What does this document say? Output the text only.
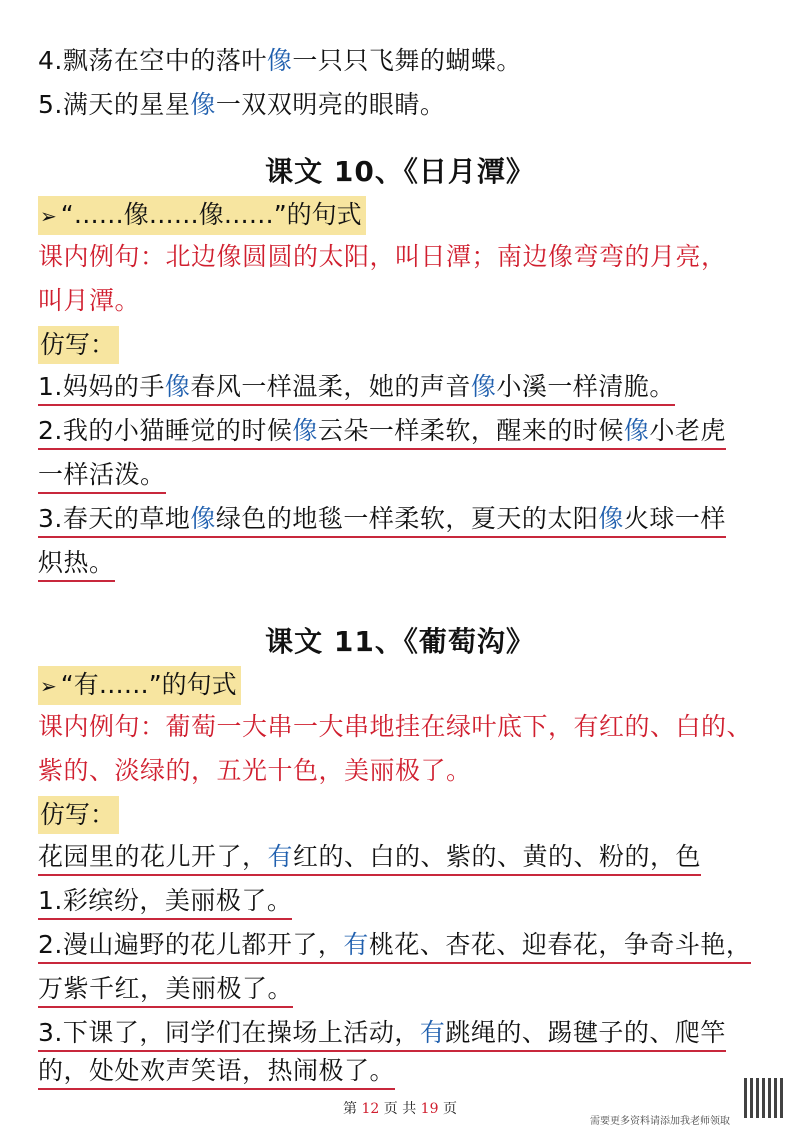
4.飘荡在空中的落叶像一只只飞舞的蝴蝶。
5.满天的星星像一双双明亮的眼睛。
课文 10、《日月潭》
➢ “……像……像……”的句式
课内例句：北边像圆圆的太阳，叫日潭；南边像弯弯的月亮，
叫月潭。
仿写：
1.妈妈的手像春风一样温柔，她的声音像小溪一样清脆。
2.我的小猫睡觉的时候像云朵一样柔软，醒来的时候像小老虎
一样活泼。
3.春天的草地像绿色的地毯一样柔软，夏天的太阳像火球一样
炽热。
课文 11、《葡萄沟》
➢ “有……”的句式
课内例句：葡萄一大串一大串地挂在绿叶底下，有红的、白的、
紫的、淡绿的，五光十色，美丽极了。
仿写：
花园里的花儿开了，有红的、白的、紫的、黄的、粉的，色
1.彩缤纷，美丽极了。
2.漫山遍野的花儿都开了，有桃花、杏花、迎春花，争奇斗艳，
万紫千红，美丽极了。
3.下课了，同学们在操场上活动，有跳绳的、踢毽子的、爬竿
的，处处欢声笑语，热闹极了。
第 12 页 共 19 页
需要更多资料请添加我老师领取
